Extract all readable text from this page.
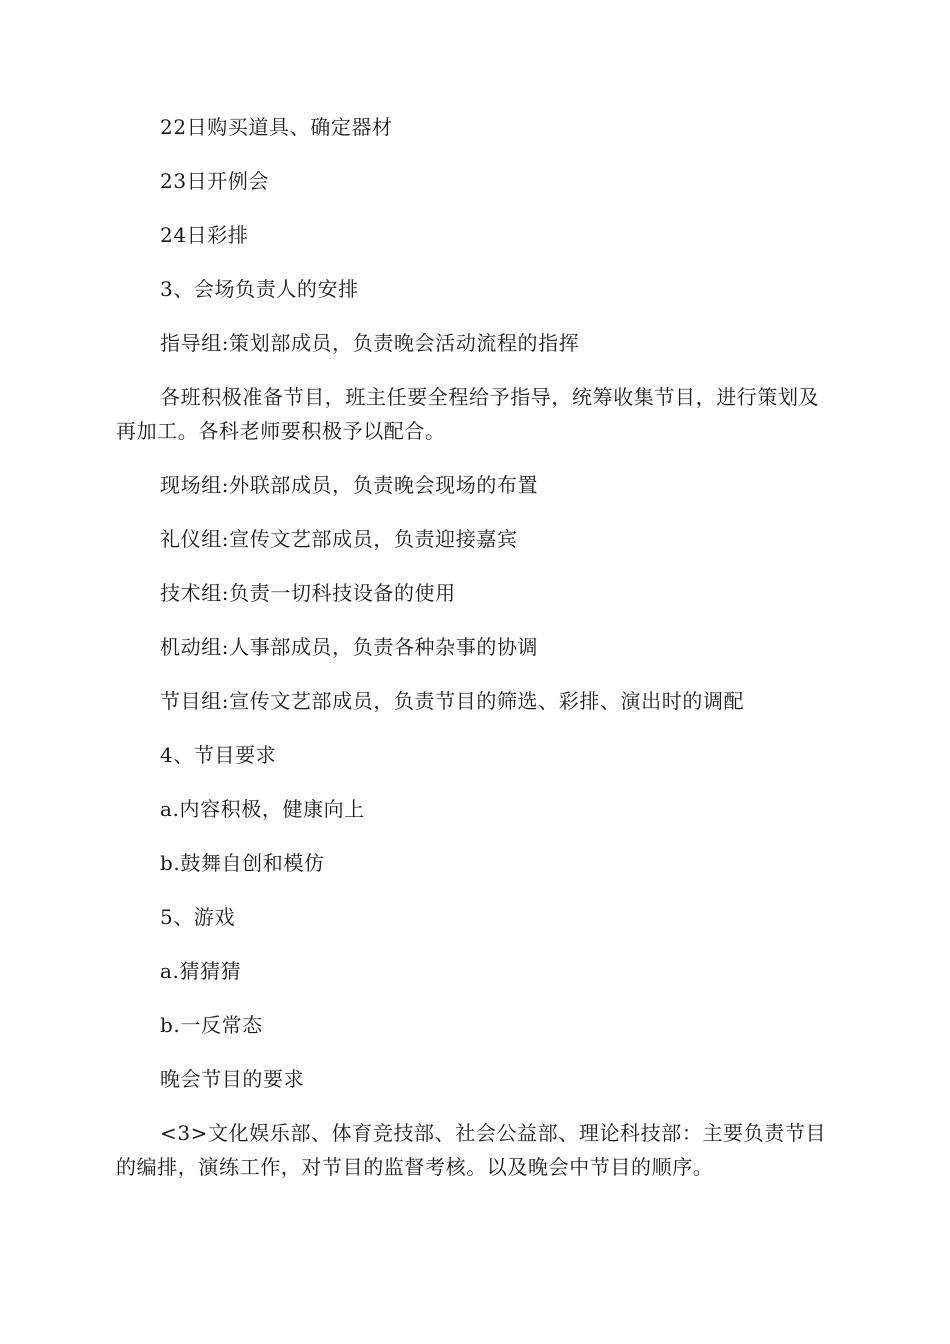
22日购买道具、确定器材

23日开例会

24日彩排

3、会场负责人的安排

指导组:策划部成员，负责晚会活动流程的指挥

各班积极准备节目，班主任要全程给予指导，统筹收集节目，进行策划及再加工。各科老师要积极予以配合。

现场组:外联部成员，负责晚会现场的布置

礼仪组:宣传文艺部成员，负责迎接嘉宾

技术组:负责一切科技设备的使用

机动组:人事部成员，负责各种杂事的协调

节目组:宣传文艺部成员，负责节目的筛选、彩排、演出时的调配

4、节目要求

a.内容积极，健康向上

b.鼓舞自创和模仿

5、游戏

a.猜猜猜

b.一反常态

晚会节目的要求

<3>文化娱乐部、体育竞技部、社会公益部、理论科技部：主要负责节目的编排，演练工作，对节目的监督考核。以及晚会中节目的顺序。
